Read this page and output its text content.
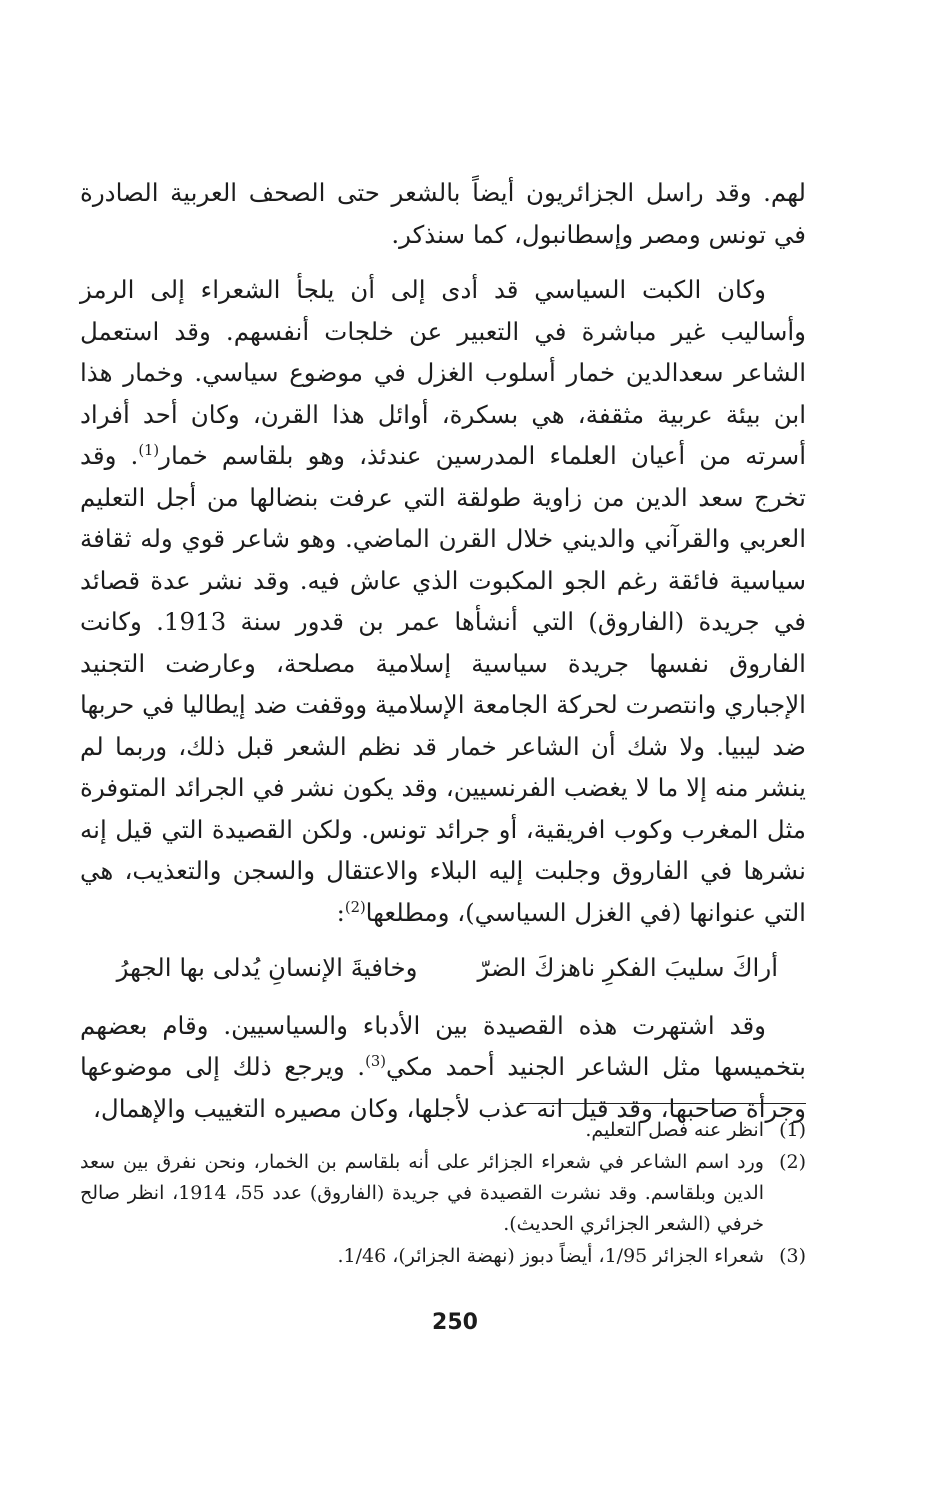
لهم. وقد راسل الجزائريون أيضاً بالشعر حتى الصحف العربية الصادرة في تونس ومصر وإسطانبول، كما سنذكر.

وكان الكبت السياسي قد أدى إلى أن يلجأ الشعراء إلى الرمز وأساليب غير مباشرة في التعبير عن خلجات أنفسهم. وقد استعمل الشاعر سعدالدين خمار أسلوب الغزل في موضوع سياسي. وخمار هذا ابن بيئة عربية مثقفة، هي بسكرة، أوائل هذا القرن، وكان أحد أفراد أسرته من أعيان العلماء المدرسين عندئذ، وهو بلقاسم خمار$^{(1)}$. وقد تخرج سعد الدين من زاوية طولقة التي عرفت بنضالها من أجل التعليم العربي والقرآني والديني خلال القرن الماضي. وهو شاعر قوي وله ثقافة سياسية فائقة رغم الجو المكبوت الذي عاش فيه. وقد نشر عدة قصائد في جريدة (الفاروق) التي أنشأها عمر بن قدور سنة 1913. وكانت الفاروق نفسها جريدة سياسية إسلامية مصلحة، وعارضت التجنيد الإجباري وانتصرت لحركة الجامعة الإسلامية ووقفت ضد إيطاليا في حربها ضد ليبيا. ولا شك أن الشاعر خمار قد نظم الشعر قبل ذلك، وربما لم ينشر منه إلا ما لا يغضب الفرنسيين، وقد يكون نشر في الجرائد المتوفرة مثل المغرب وكوب افريقية، أو جرائد تونس. ولكن القصيدة التي قيل إنه نشرها في الفاروق وجلبت إليه البلاء والاعتقال والسجن والتعذيب، هي التي عنوانها (في الغزل السياسي)، ومطلعها$^{(2)}$:

أراكَ سليبَ الفكرِ ناهزكَ الضرّ
وخافيةَ الإنسانِ يُدلى بها الجهرُ

وقد اشتهرت هذه القصيدة بين الأدباء والسياسيين. وقام بعضهم بتخميسها مثل الشاعر الجنيد أحمد مكي$^{(3)}$. ويرجع ذلك إلى موضوعها وجرأة صاحبها، وقد قيل انه عذب لأجلها، وكان مصيره التغييب والإهمال،

(1)
انظر عنه فصل التعليم.
(2)
ورد اسم الشاعر في شعراء الجزائر على أنه بلقاسم بن الخمار، ونحن نفرق بين سعد الدين وبلقاسم. وقد نشرت القصيدة في جريدة (الفاروق) عدد 55، 1914، انظر صالح خرفي (الشعر الجزائري الحديث).
(3)
شعراء الجزائر 1/95، أيضاً دبوز (نهضة الجزائر)، 1/46.
250
